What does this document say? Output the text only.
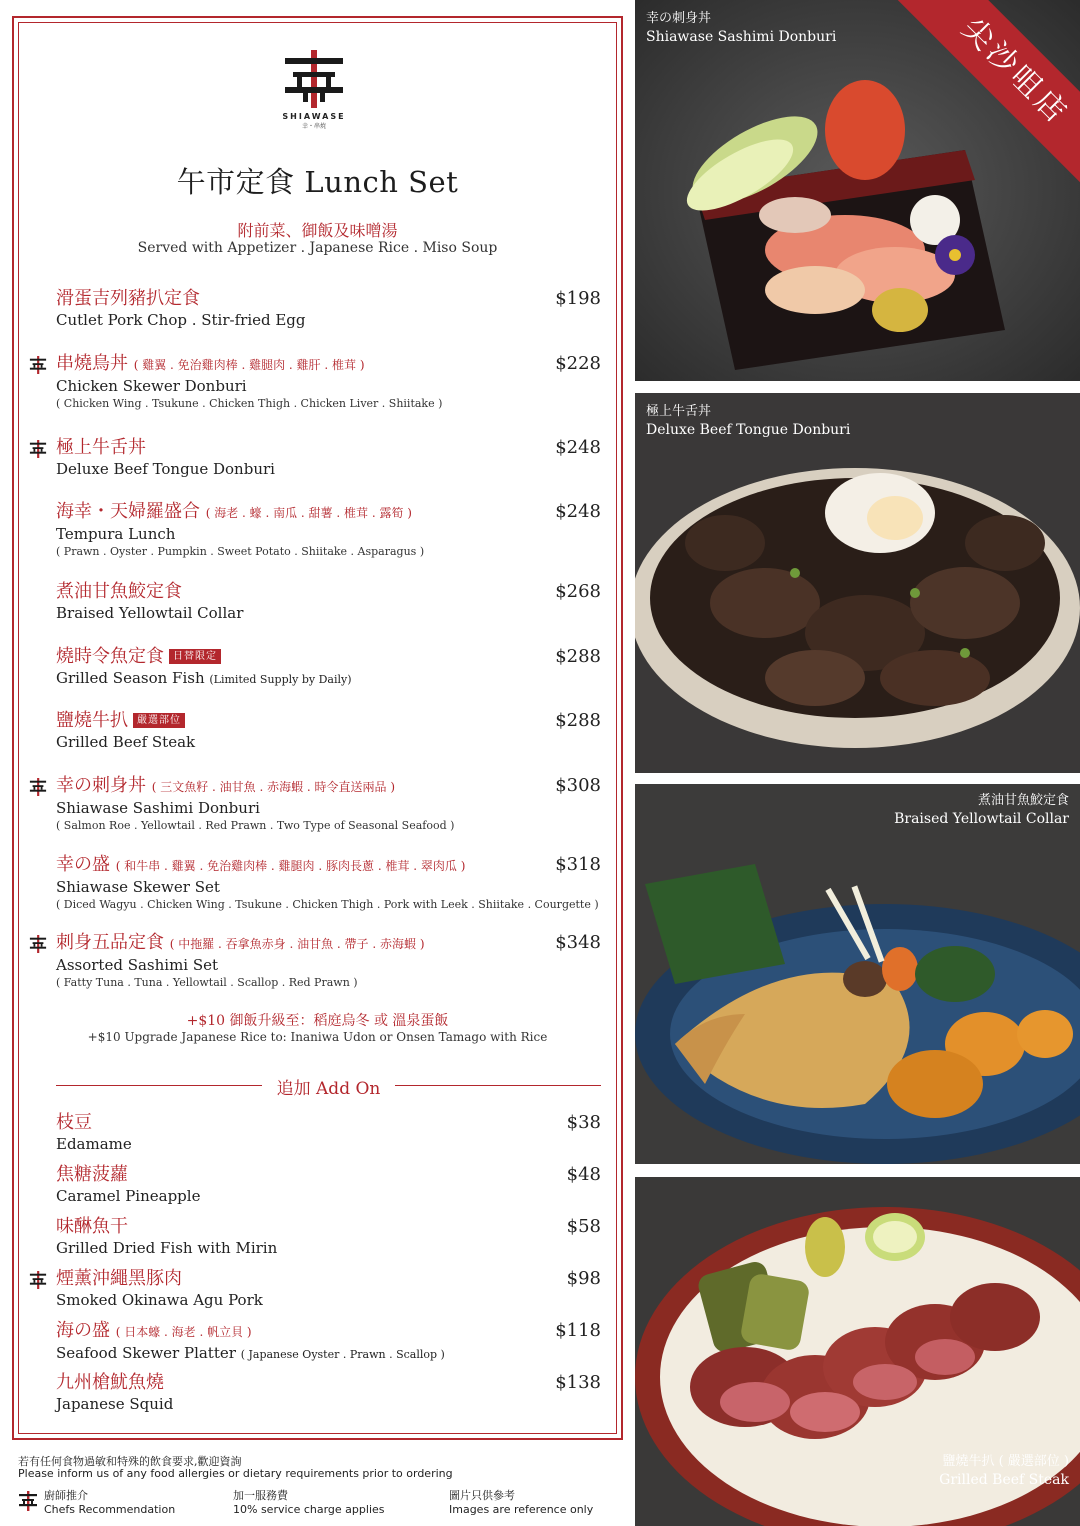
SHIAWASE
幸・串焼
午市定食 Lunch Set
附前菜、御飯及味噌湯
Served with Appetizer . Japanese Rice . Miso Soup
滑蛋吉列豬扒定食
Cutlet Pork Chop . Stir-fried Egg
$198
串燒鳥丼 ( 雞翼 . 免治雞肉棒 . 雞腿肉 . 雞肝 . 椎茸 )
Chicken Skewer Donburi
( Chicken Wing . Tsukune . Chicken Thigh . Chicken Liver . Shiitake )
$228
極上牛舌丼
Deluxe Beef Tongue Donburi
$248
海幸・天婦羅盛合 ( 海老 . 蠔 . 南瓜 . 甜薯 . 椎茸 . 露筍 )
Tempura Lunch
( Prawn . Oyster . Pumpkin . Sweet Potato . Shiitake . Asparagus )
$248
煮油甘魚鮫定食
Braised Yellowtail Collar
$268
燒時令魚定食 日替限定
Grilled Season Fish (Limited Supply by Daily)
$288
鹽燒牛扒 嚴選部位
Grilled Beef Steak
$288
幸の刺身丼 ( 三文魚籽 . 油甘魚 . 赤海蝦 . 時令直送兩品 )
Shiawase Sashimi Donburi
( Salmon Roe . Yellowtail . Red Prawn . Two Type of Seasonal Seafood )
$308
幸の盛 ( 和牛串 . 雞翼 . 免治雞肉棒 . 雞腿肉 . 豚肉長蔥 . 椎茸 . 翠肉瓜 )
Shiawase Skewer Set
( Diced Wagyu . Chicken Wing . Tsukune . Chicken Thigh . Pork with Leek . Shiitake . Courgette )
$318
刺身五品定食 ( 中拖羅 . 吞拿魚赤身 . 油甘魚 . 帶子 . 赤海蝦 )
Assorted Sashimi Set
( Fatty Tuna . Tuna . Yellowtail . Scallop . Red Prawn )
$348
+$10 御飯升級至：稻庭烏冬 或 溫泉蛋飯
+$10 Upgrade Japanese Rice to: Inaniwa Udon or Onsen Tamago with Rice
追加 Add On
枝豆
Edamame
$38
焦糖菠蘿
Caramel Pineapple
$48
味醂魚干
Grilled Dried Fish with Mirin
$58
煙薰沖繩黑豚肉
Smoked Okinawa Agu Pork
$98
海の盛 ( 日本蠔 . 海老 . 帆立貝 )
Seafood Skewer Platter ( Japanese Oyster . Prawn . Scallop )
$118
九州槍魷魚燒
Japanese Squid
$138
若有任何食物過敏和特殊的飲食要求,歡迎資詢
Please inform us of any food allergies or dietary requirements prior to ordering
廚師推介
Chefs Recommendation
加一服務費
10% service charge applies
圖片只供參考
Images are reference only
幸の刺身丼
Shiawase Sashimi Donburi	尖沙咀店
極上牛舌丼
Deluxe Beef Tongue Donburi
煮油甘魚鮫定食
Braised Yellowtail Collar
鹽燒牛扒 ( 嚴選部位 )
Grilled Beef Steak
